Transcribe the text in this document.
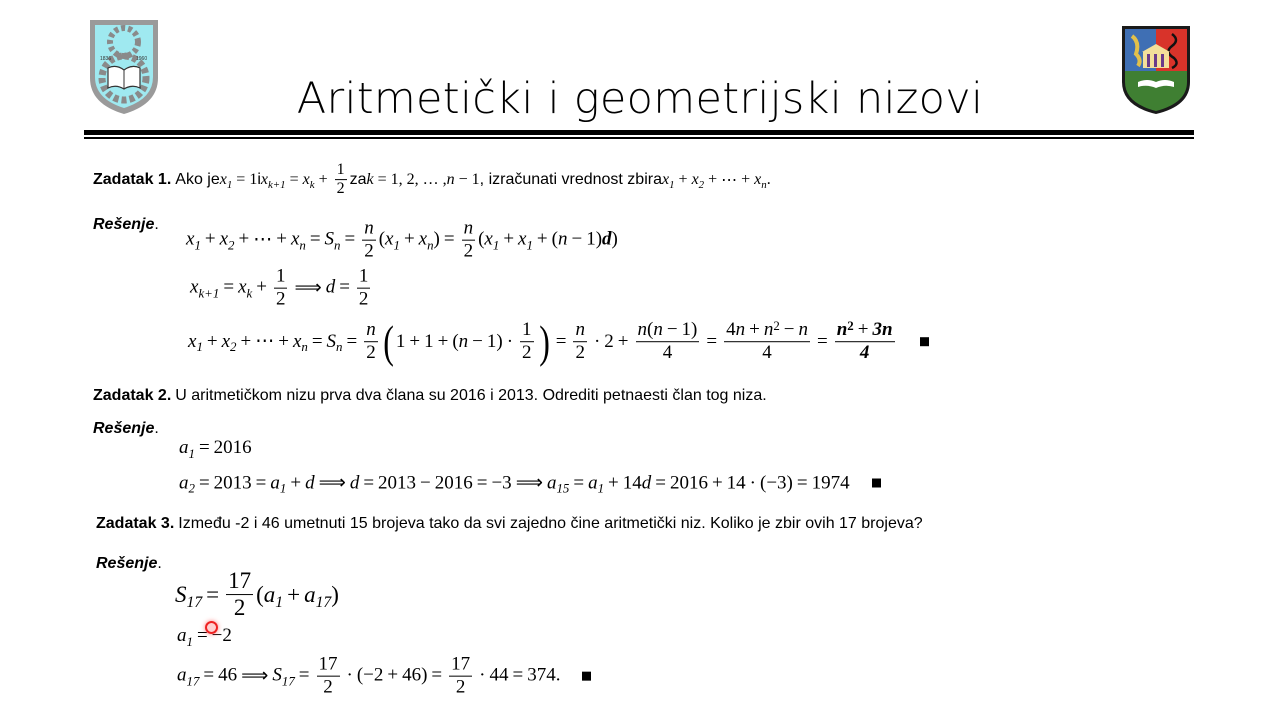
1836	1960
Aritmetički i geometrijski nizovi
Zadatak 1. Ako je $x_1 = 1$ i $x_{k+1} = x_k + \frac{1}{2}$ za k = 1, 2, … , n − 1 , izračunati vrednost zbira $x_1 + x_2$ + ⋯ + $x_n$ .
Rešenje.
$x_1 + x_2$ + ⋯ + $x_n = S_n = \frac{n}{2}$ ( $x_1 + x_n$ ) = $\frac{n}{2}$ ( $x_1 + x_1$ + ( n − 1) d )
$x_{k+1} = x_k + \frac{1}{2}$ ⟹ $d = \frac{1}{2}$
$x_1 + x_2$ + ⋯ + $x_n = S_n = \frac{n}{2}$ ( 1 + 1 + ( $n - 1) \cdot \frac{1}{2}$ ) = $\frac{n}{2} \cdot 2 + \frac{n ( n - 1)}{4} = \frac{4 n + n^2 - n}{4} = \frac{n^2 + 3n}{4}$
Zadatak 2. U aritmetičkom nizu prva dva člana su 2016 i 2013. Odrediti petnaesti član tog niza.
Rešenje.
$a_1 = 2016$
$a_2 = 2013 = a_1 + d$ ⟹ d = 2013 − 2016 = −3 ⟹ $a_{15} = a_1 + 14$ d = 2016 + 14 · (−3) = 1974
Zadatak 3. Između -2 i 46 umetnuti 15 brojeva tako da svi zajedno čine aritmetički niz. Koliko je zbir ovih 17 brojeva?
Rešenje.
$S_{17} = \frac{17}{2}$ ( $a_1 + a_{17}$ )
$a_1 = -2$
$a_{17} = 46$ ⟹ $S_{17} = \frac{17}{2} \cdot (-2 + 46) = \frac{17}{2} \cdot 44 = 374$.
